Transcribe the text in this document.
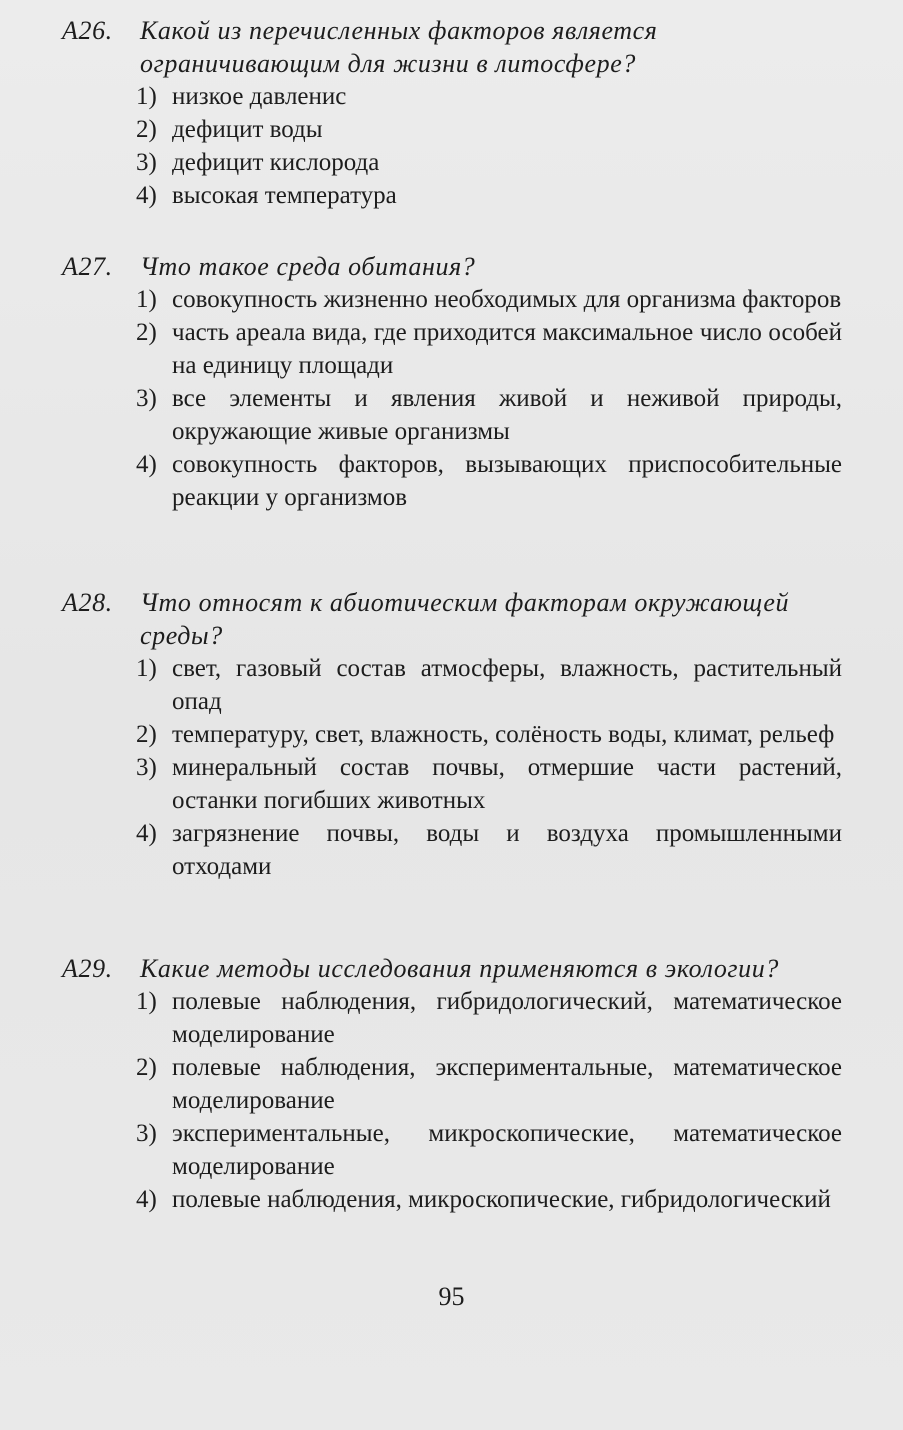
А26.	Какой из перечисленных факторов является ограничивающим для жизни в литосфере?
1) низкое давленис
2) дефицит воды
3) дефицит кислорода
4) высокая температура
А27.	Что такое среда обитания?
1) совокупность жизненно необходимых для организма факторов
2) часть ареала вида, где приходится максимальное число особей на единицу площади
3) все элементы и явления живой и неживой природы, окружающие живые организмы
4) совокупность факторов, вызывающих приспособительные реакции у организмов
А28.	Что относят к абиотическим факторам окружающей среды?
1) свет, газовый состав атмосферы, влажность, растительный опад
2) температуру, свет, влажность, солёность воды, климат, рельеф
3) минеральный состав почвы, отмершие части растений, останки погибших животных
4) загрязнение почвы, воды и воздуха промышленными отходами
А29.	Какие методы исследования применяются в экологии?
1) полевые наблюдения, гибридологический, математическое моделирование
2) полевые наблюдения, экспериментальные, математическое моделирование
3) экспериментальные, микроскопические, математическое моделирование
4) полевые наблюдения, микроскопические, гибридологический
95
